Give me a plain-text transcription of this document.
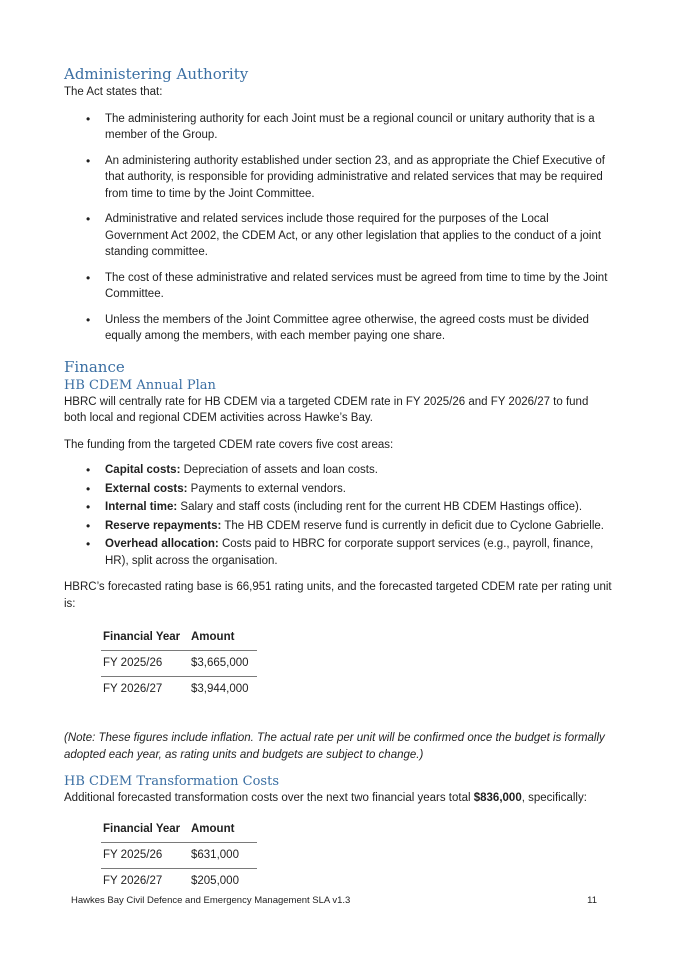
Administering Authority

The Act states that:

• The administering authority for each Joint must be a regional council or unitary authority that is a member of the Group.
• An administering authority established under section 23, and as appropriate the Chief Executive of that authority, is responsible for providing administrative and related services that may be required from time to time by the Joint Committee.
• Administrative and related services include those required for the purposes of the Local Government Act 2002, the CDEM Act, or any other legislation that applies to the conduct of a joint standing committee.
• The cost of these administrative and related services must be agreed from time to time by the Joint Committee.
• Unless the members of the Joint Committee agree otherwise, the agreed costs must be divided equally among the members, with each member paying one share.
Finance
HB CDEM Annual Plan

HBRC will centrally rate for HB CDEM via a targeted CDEM rate in FY 2025/26 and FY 2026/27 to fund both local and regional CDEM activities across Hawke’s Bay.

The funding from the targeted CDEM rate covers five cost areas:

• Capital costs: Depreciation of assets and loan costs.
• External costs: Payments to external vendors.
• Internal time: Salary and staff costs (including rent for the current HB CDEM Hastings office).
• Reserve repayments: The HB CDEM reserve fund is currently in deficit due to Cyclone Gabrielle.
• Overhead allocation: Costs paid to HBRC for corporate support services (e.g., payroll, finance, HR), split across the organisation.

HBRC’s forecasted rating base is 66,951 rating units, and the forecasted targeted CDEM rate per rating unit is:

Financial Year	Amount
FY 2025/26	$3,665,000
FY 2026/27	$3,944,000

(Note: These figures include inflation. The actual rate per unit will be confirmed once the budget is formally adopted each year, as rating units and budgets are subject to change.)

HB CDEM Transformation Costs

Additional forecasted transformation costs over the next two financial years total $836,000, specifically:

Financial Year	Amount
FY 2025/26	$631,000
FY 2026/27	$205,000
Hawkes Bay Civil Defence and Emergency Management SLA v1.3	11
